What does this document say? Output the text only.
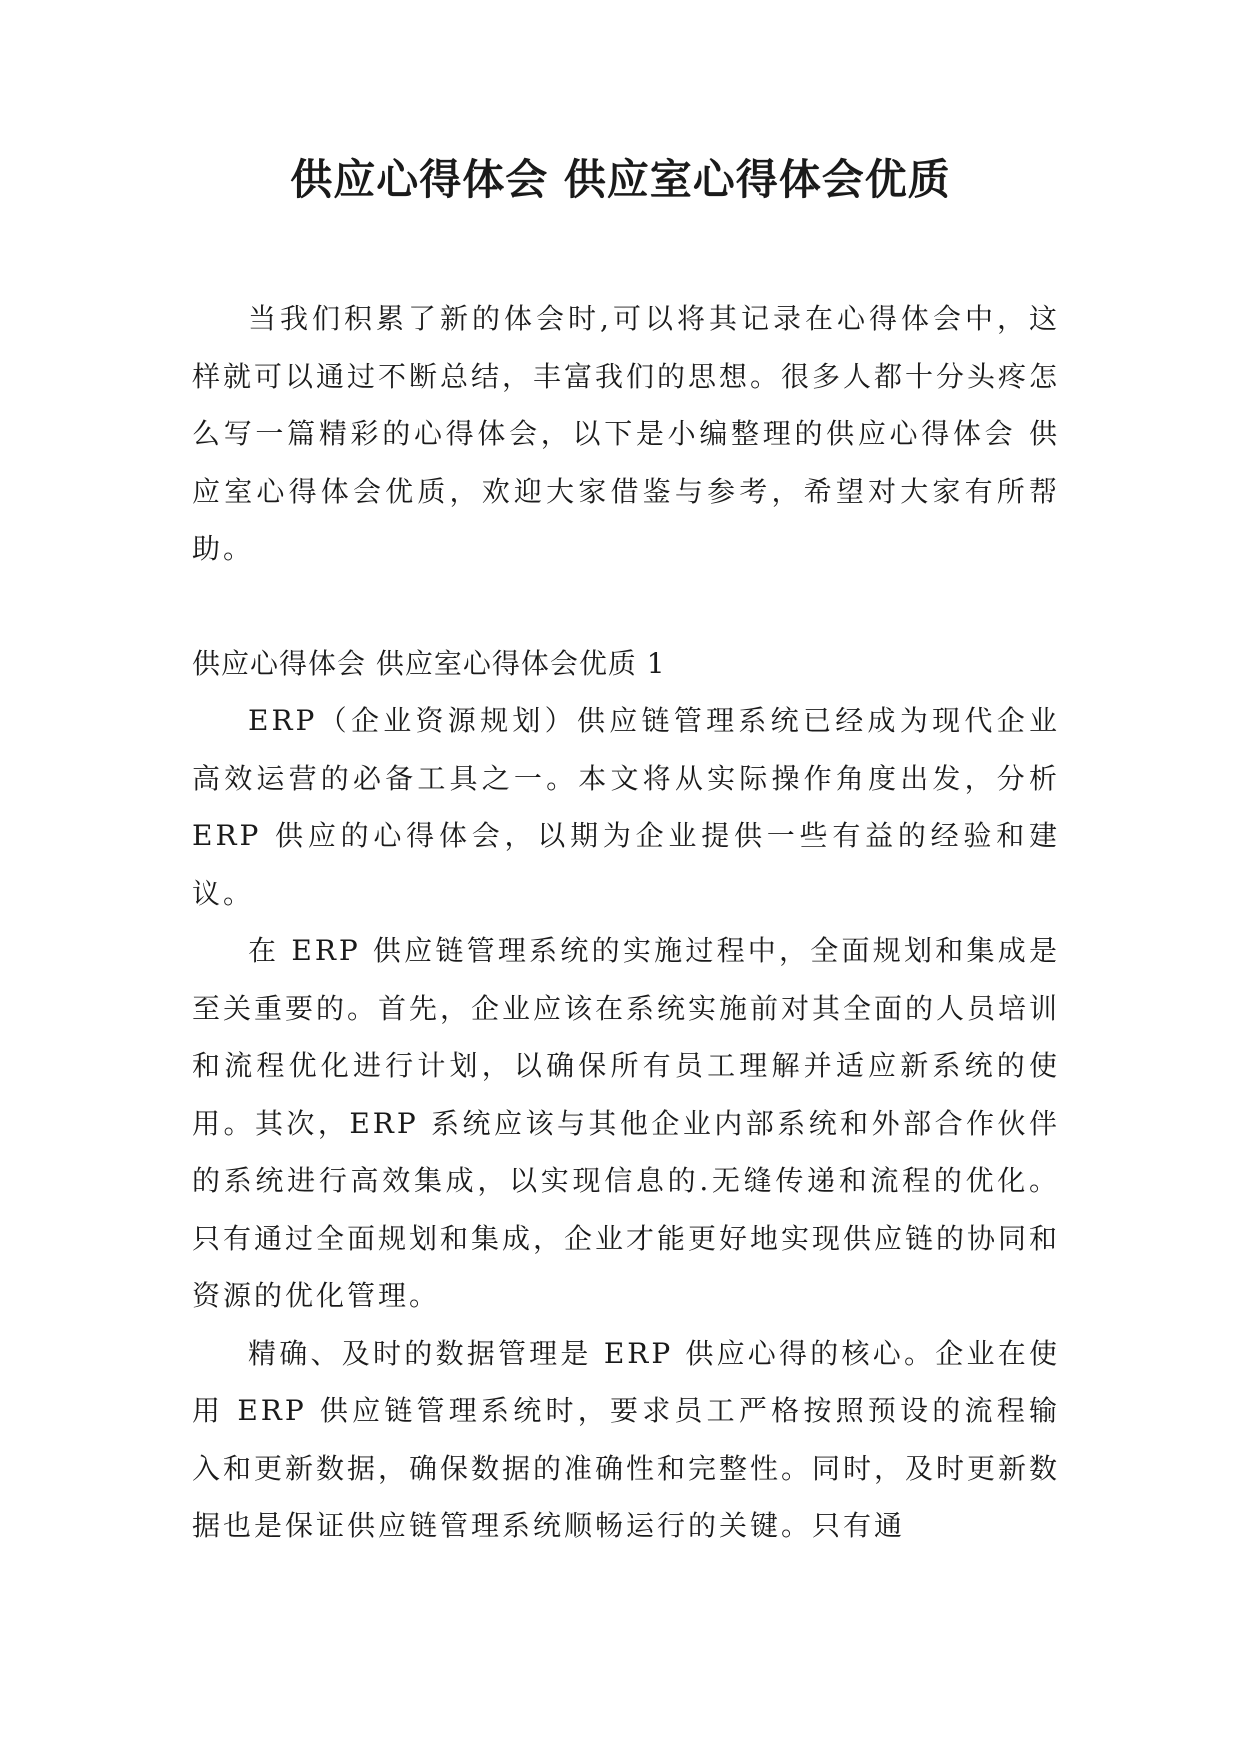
供应心得体会 供应室心得体会优质

当我们积累了新的体会时,可以将其记录在心得体会中，这样就可以通过不断总结，丰富我们的思想。很多人都十分头疼怎么写一篇精彩的心得体会，以下是小编整理的供应心得体会 供应室心得体会优质，欢迎大家借鉴与参考，希望对大家有所帮助。

供应心得体会 供应室心得体会优质 1

ERP（企业资源规划）供应链管理系统已经成为现代企业高效运营的必备工具之一。本文将从实际操作角度出发，分析 ERP 供应的心得体会，以期为企业提供一些有益的经验和建议。

在 ERP 供应链管理系统的实施过程中，全面规划和集成是至关重要的。首先，企业应该在系统实施前对其全面的人员培训和流程优化进行计划，以确保所有员工理解并适应新系统的使用。其次，ERP 系统应该与其他企业内部系统和外部合作伙伴的系统进行高效集成，以实现信息的.无缝传递和流程的优化。只有通过全面规划和集成，企业才能更好地实现供应链的协同和资源的优化管理。

精确、及时的数据管理是 ERP 供应心得的核心。企业在使用 ERP 供应链管理系统时，要求员工严格按照预设的流程输入和更新数据，确保数据的准确性和完整性。同时，及时更新数据也是保证供应链管理系统顺畅运行的关键。只有通
